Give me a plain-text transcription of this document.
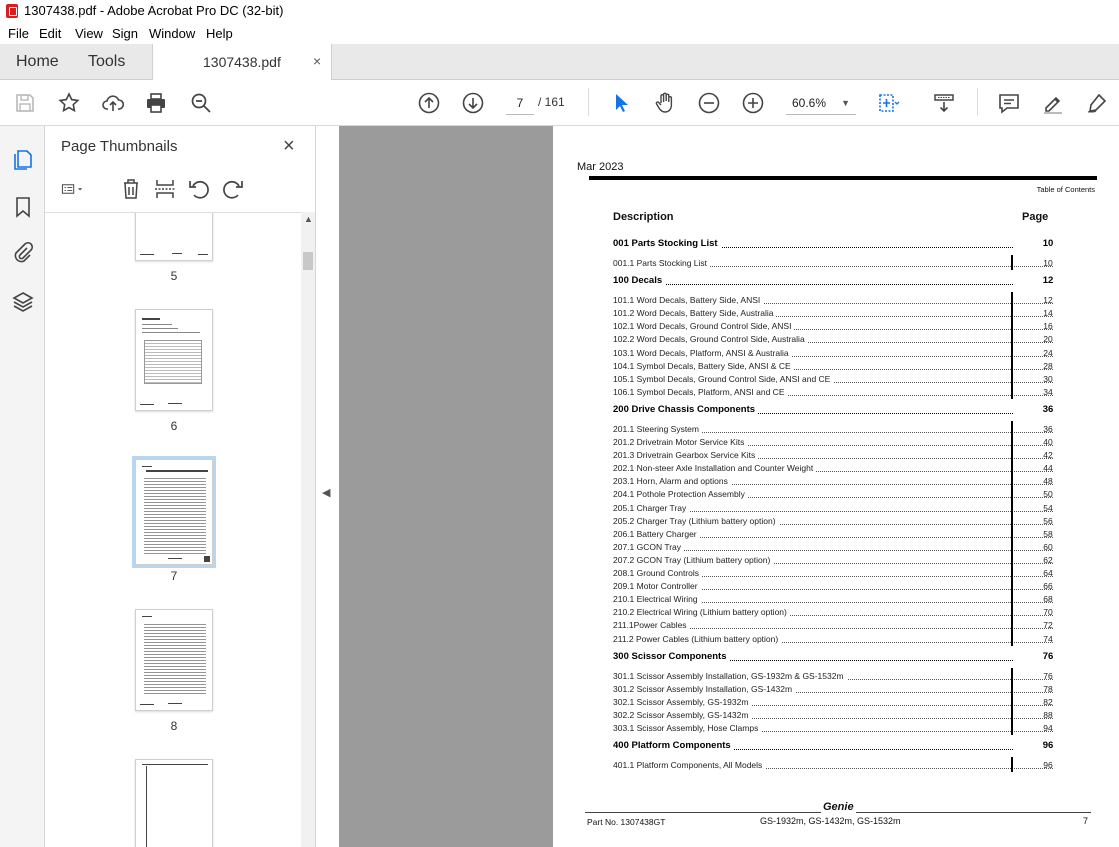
1307438.pdf - Adobe Acrobat Pro DC (32-bit)
File Edit View Sign Window Help
Home Tools	1307438.pdf ×
7	/ 161	60.6% ▼
Page Thumbnails	×
5
6
7
8
▲
◀
Mar 2023
Table of Contents
Description	Page
001 Parts Stocking List	10
001.1 Parts Stocking List	10
100 Decals	12
101.1 Word Decals, Battery Side, ANSI	12
101.2 Word Decals, Battery Side, Australia	14
102.1 Word Decals, Ground Control Side, ANSI	16
102.2 Word Decals, Ground Control Side, Australia	20
103.1 Word Decals, Platform, ANSI & Australia	24
104.1 Symbol Decals, Battery Side, ANSI & CE	28
105.1 Symbol Decals, Ground Control Side, ANSI and CE	30
106.1 Symbol Decals, Platform, ANSI and CE	34
200 Drive Chassis Components	36
201.1 Steering System	36
201.2 Drivetrain Motor Service Kits	40
201.3 Drivetrain Gearbox Service Kits	42
202.1 Non-steer Axle Installation and Counter Weight	44
203.1 Horn, Alarm and options	48
204.1 Pothole Protection Assembly	50
205.1 Charger Tray	54
205.2 Charger Tray (Lithium battery option)	56
206.1 Battery Charger	58
207.1 GCON Tray	60
207.2 GCON Tray (Lithium battery option)	62
208.1 Ground Controls	64
209.1 Motor Controller	66
210.1 Electrical Wiring	68
210.2 Electrical Wiring (Lithium battery option)	70
211.1Power Cables	72
211.2 Power Cables (Lithium battery option)	74
300 Scissor Components	76
301.1 Scissor Assembly Installation, GS-1932m & GS-1532m	76
301.2 Scissor Assembly Installation, GS-1432m	78
302.1 Scissor Assembly, GS-1932m	82
302.2 Scissor Assembly, GS-1432m	88
303.1 Scissor Assembly, Hose Clamps	94
400 Platform Components	96
401.1 Platform Components, All Models	96
Genie
Part No. 1307438GT	GS-1932m, GS-1432m, GS-1532m	7
